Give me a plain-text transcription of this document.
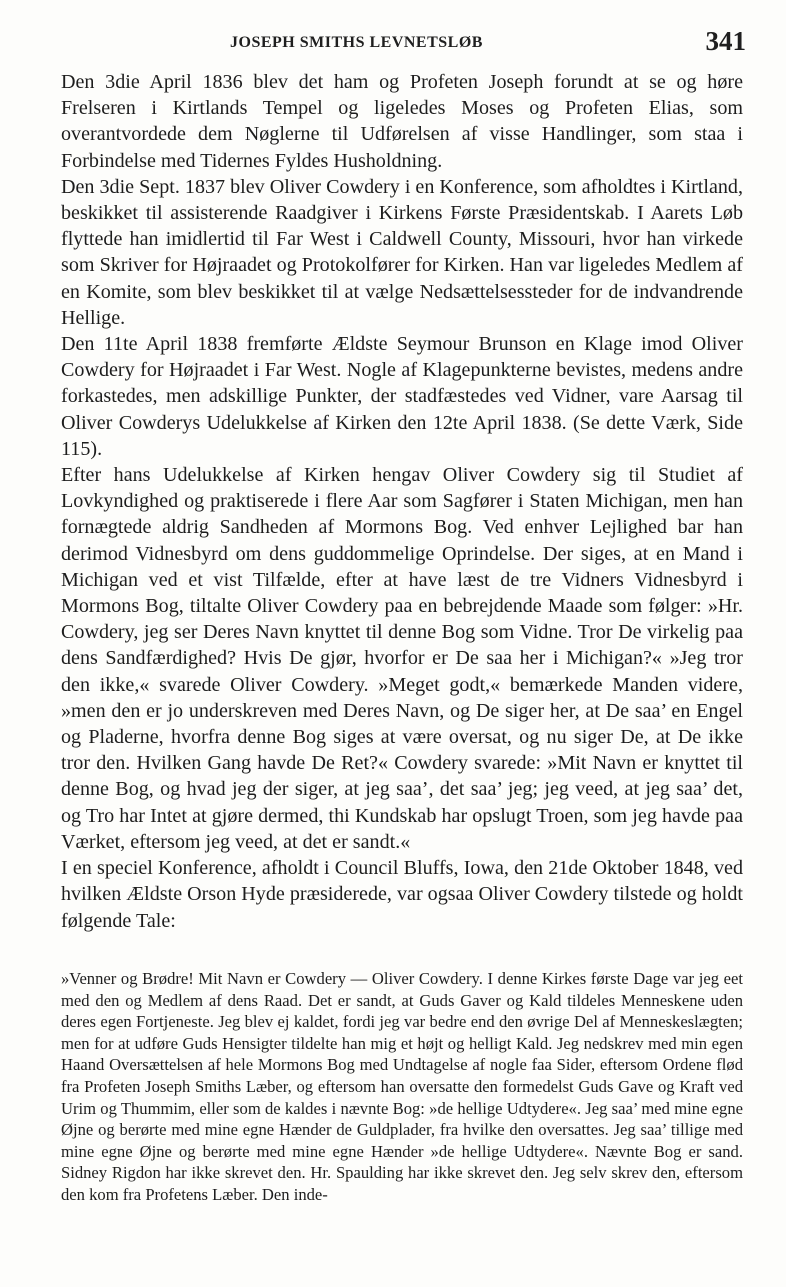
JOSEPH SMITHS LEVNETSLØB	341

Den 3die April 1836 blev det ham og Profeten Joseph forundt at se og høre Frelseren i Kirtlands Tempel og ligeledes Moses og Profeten Elias, som overantvordede dem Nøglerne til Udførelsen af visse Handlinger, som staa i Forbindelse med Tidernes Fyldes Husholdning.

Den 3die Sept. 1837 blev Oliver Cowdery i en Konference, som afholdtes i Kirtland, beskikket til assisterende Raadgiver i Kirkens Første Præsidentskab. I Aarets Løb flyttede han imidlertid til Far West i Caldwell County, Missouri, hvor han virkede som Skriver for Højraadet og Protokolfører for Kirken. Han var ligeledes Medlem af en Komite, som blev beskikket til at vælge Nedsættelsessteder for de indvandrende Hellige.

Den 11te April 1838 fremførte Ældste Seymour Brunson en Klage imod Oliver Cowdery for Højraadet i Far West. Nogle af Klagepunkterne bevistes, medens andre forkastedes, men adskillige Punkter, der stadfæstedes ved Vidner, vare Aarsag til Oliver Cowderys Udelukkelse af Kirken den 12te April 1838. (Se dette Værk, Side 115).

Efter hans Udelukkelse af Kirken hengav Oliver Cowdery sig til Studiet af Lovkyndighed og praktiserede i flere Aar som Sagfører i Staten Michigan, men han fornægtede aldrig Sandheden af Mormons Bog. Ved enhver Lejlighed bar han derimod Vidnesbyrd om dens guddommelige Oprindelse. Der siges, at en Mand i Michigan ved et vist Tilfælde, efter at have læst de tre Vidners Vidnesbyrd i Mormons Bog, tiltalte Oliver Cowdery paa en bebrejdende Maade som følger: »Hr. Cowdery, jeg ser Deres Navn knyttet til denne Bog som Vidne. Tror De virkelig paa dens Sandfærdighed? Hvis De gjør, hvorfor er De saa her i Michigan?« »Jeg tror den ikke,« svarede Oliver Cowdery. »Meget godt,« bemærkede Manden videre, »men den er jo underskreven med Deres Navn, og De siger her, at De saa’ en Engel og Pladerne, hvorfra denne Bog siges at være oversat, og nu siger De, at De ikke tror den. Hvilken Gang havde De Ret?« Cowdery svarede: »Mit Navn er knyttet til denne Bog, og hvad jeg der siger, at jeg saa’, det saa’ jeg; jeg veed, at jeg saa’ det, og Tro har Intet at gjøre dermed, thi Kundskab har opslugt Troen, som jeg havde paa Værket, eftersom jeg veed, at det er sandt.«

I en speciel Konference, afholdt i Council Bluffs, Iowa, den 21de Oktober 1848, ved hvilken Ældste Orson Hyde præsiderede, var ogsaa Oliver Cowdery tilstede og holdt følgende Tale:

»Venner og Brødre! Mit Navn er Cowdery — Oliver Cowdery. I denne Kirkes første Dage var jeg eet med den og Medlem af dens Raad. Det er sandt, at Guds Gaver og Kald tildeles Menneskene uden deres egen Fortjeneste. Jeg blev ej kaldet, fordi jeg var bedre end den øvrige Del af Menneskeslægten; men for at udføre Guds Hensigter tildelte han mig et højt og helligt Kald. Jeg nedskrev med min egen Haand Oversættelsen af hele Mormons Bog med Undtagelse af nogle faa Sider, eftersom Ordene flød fra Profeten Joseph Smiths Læber, og eftersom han oversatte den formedelst Guds Gave og Kraft ved Urim og Thummim, eller som de kaldes i nævnte Bog: »de hellige Udtydere«. Jeg saa’ med mine egne Øjne og berørte med mine egne Hænder de Guldplader, fra hvilke den oversattes. Jeg saa’ tillige med mine egne Øjne og berørte med mine egne Hænder »de hellige Udtydere«. Nævnte Bog er sand. Sidney Rigdon har ikke skrevet den. Hr. Spaulding har ikke skrevet den. Jeg selv skrev den, eftersom den kom fra Profetens Læber. Den inde-
